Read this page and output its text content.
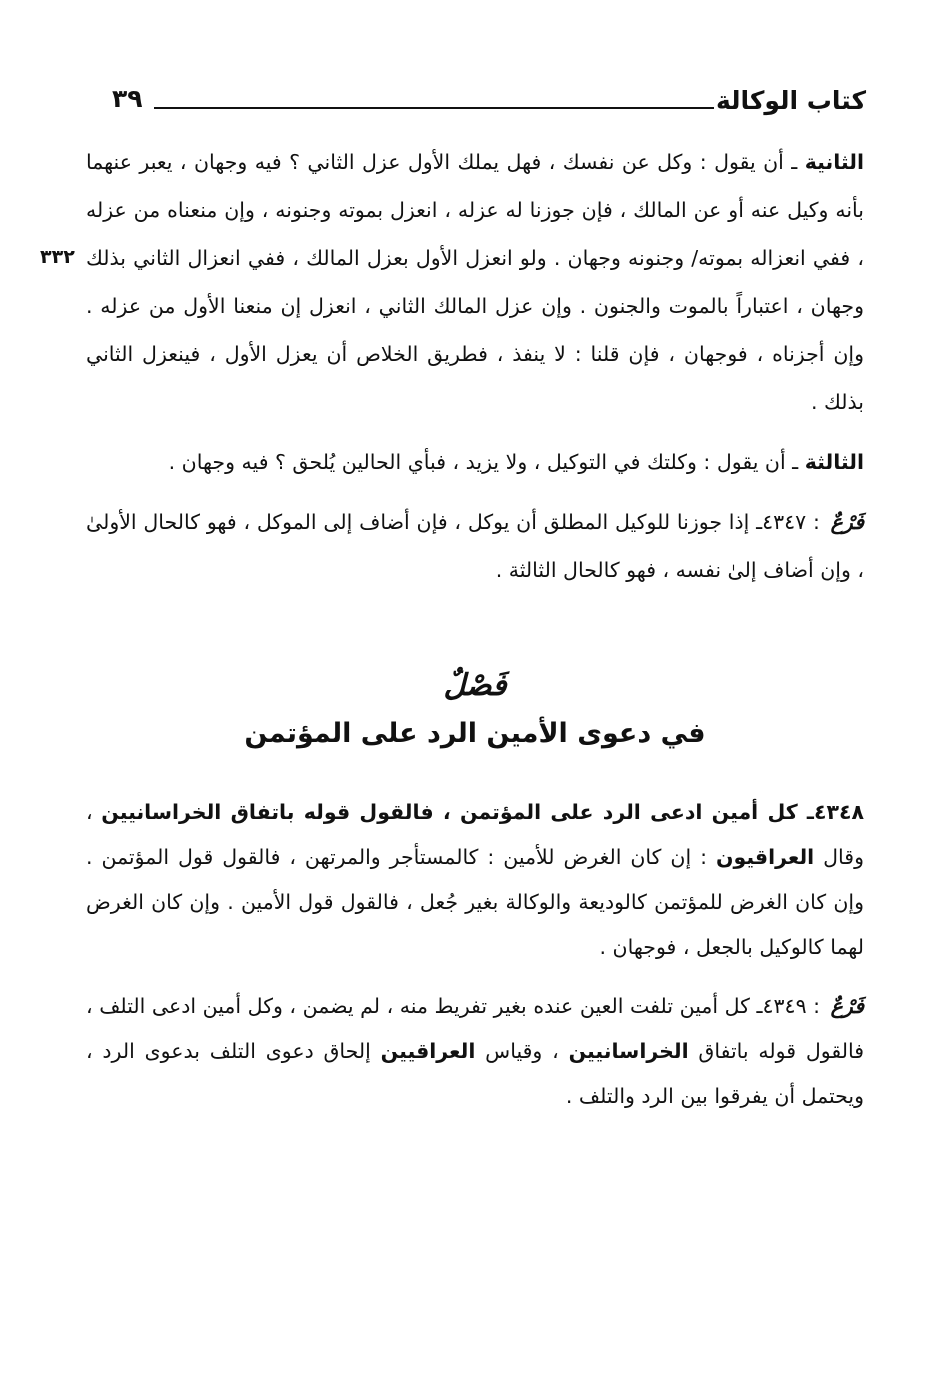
كتاب الوكالة
٣٩
٣٣٢

الثانية ـ أن يقول : وكل عن نفسك ، فهل يملك الأول عزل الثاني ؟ فيه وجهان ، يعبر عنهما بأنه وكيل عنه أو عن المالك ، فإن جوزنا له عزله ، انعزل بموته وجنونه ، وإن منعناه من عزله ، ففي انعزاله بموته/ وجنونه وجهان . ولو انعزل الأول بعزل المالك ، ففي انعزال الثاني بذلك وجهان ، اعتباراً بالموت والجنون . وإن عزل المالك الثاني ، انعزل إن منعنا الأول من عزله . وإن أجزناه ، فوجهان ، فإن قلنا : لا ينفذ ، فطريق الخلاص أن يعزل الأول ، فينعزل الثاني بذلك .

الثالثة ـ أن يقول : وكلتك في التوكيل ، ولا يزيد ، فبأي الحالين يُلحق ؟ فيه وجهان .

فَرْعٌ : ٤٣٤٧ـ إذا جوزنا للوكيل المطلق أن يوكل ، فإن أضاف إلى الموكل ، فهو كالحال الأولىٰ ، وإن أضاف إلىٰ نفسه ، فهو كالحال الثالثة .

فَصْلٌ
في دعوى الأمين الرد على المؤتمن

٤٣٤٨ـ كل أمين ادعى الرد على المؤتمن ، فالقول قوله باتفاق الخراسانيين ، وقال العراقيون : إن كان الغرض للأمين : كالمستأجر والمرتهن ، فالقول قول المؤتمن . وإن كان الغرض للمؤتمن كالوديعة والوكالة بغير جُعل ، فالقول قول الأمين . وإن كان الغرض لهما كالوكيل بالجعل ، فوجهان .

فَرْعٌ : ٤٣٤٩ـ كل أمين تلفت العين عنده بغير تفريط منه ، لم يضمن ، وكل أمين ادعى التلف ، فالقول قوله باتفاق الخراسانيين ، وقياس العراقيين إلحاق دعوى التلف بدعوى الرد ، ويحتمل أن يفرقوا بين الرد والتلف .
